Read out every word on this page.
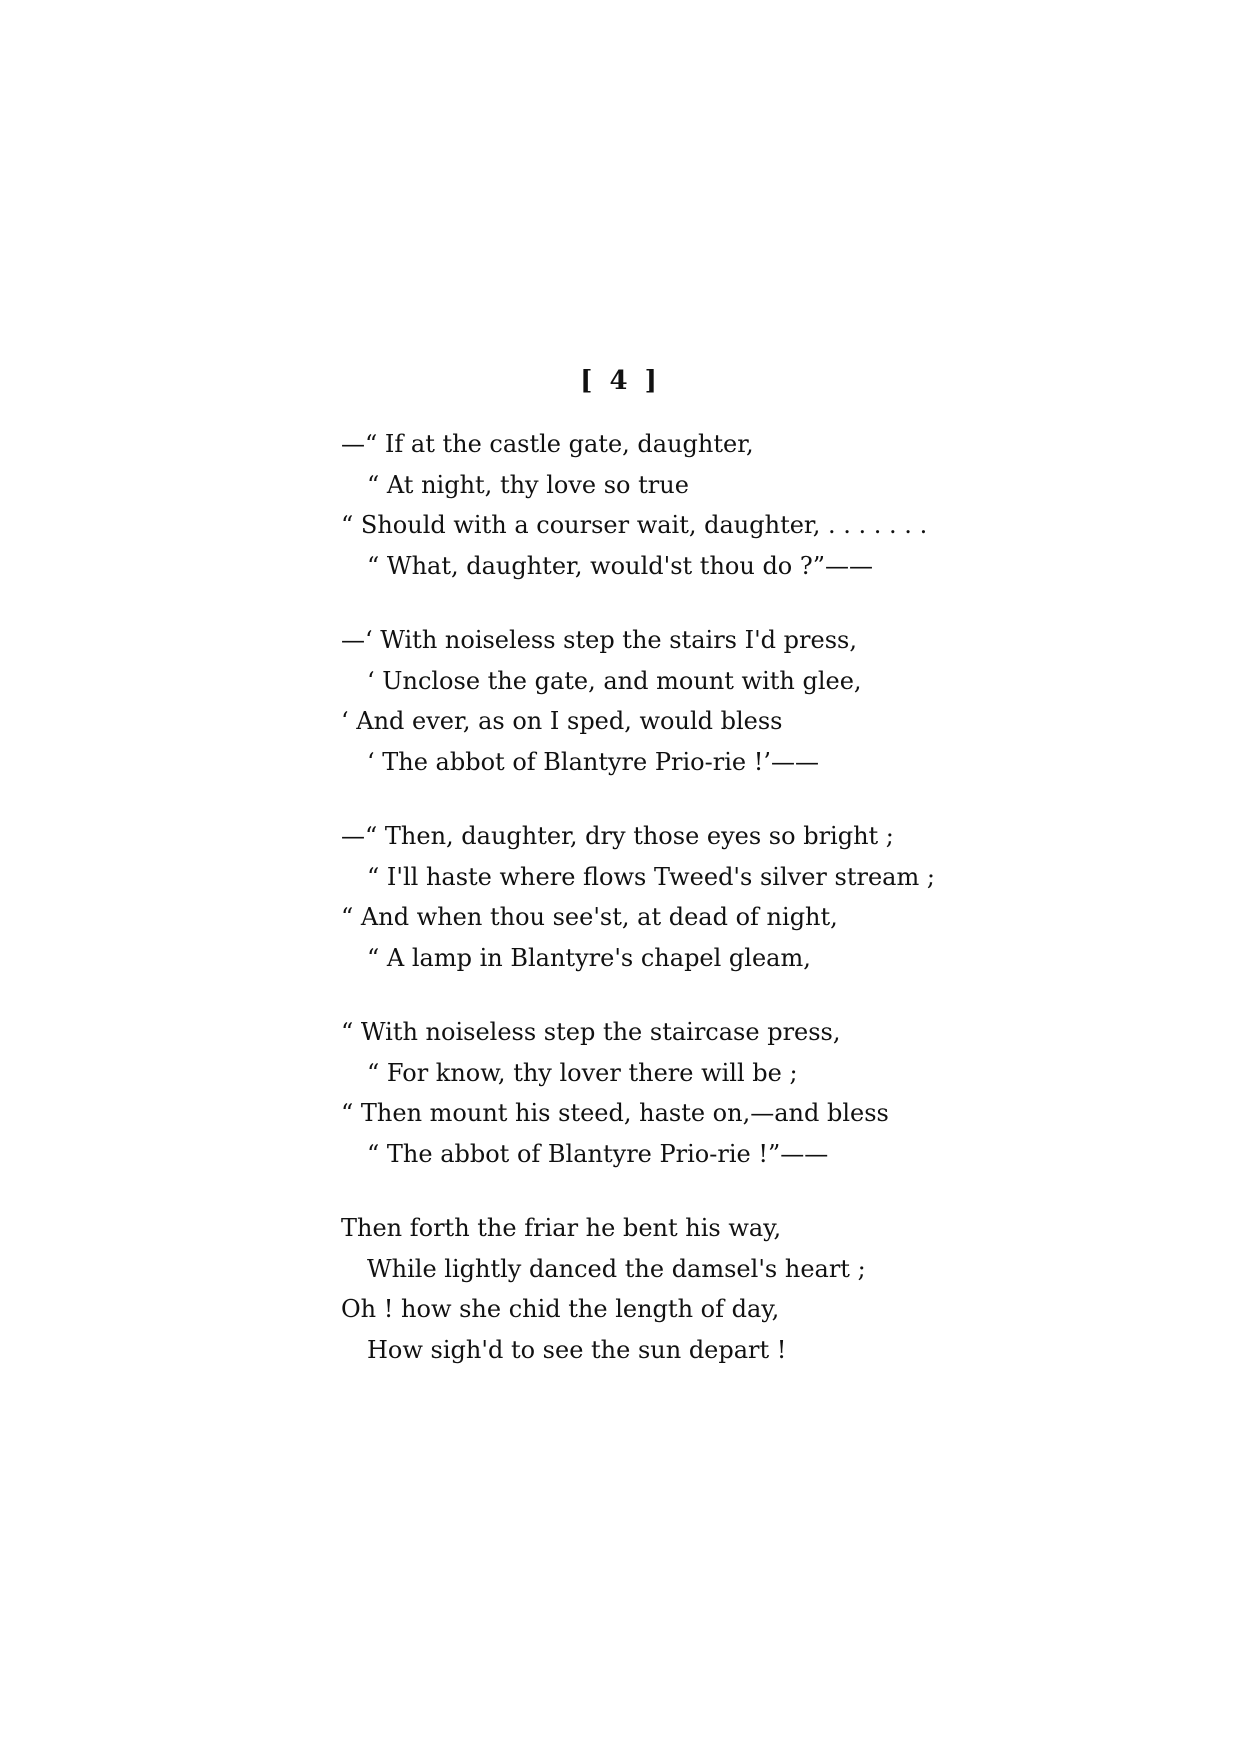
[ 4 ]
—“ If at the castle gate, daughter,
“ At night, thy love so true
“ Should with a courser wait, daughter, . . . . . . .
“ What, daughter, would'st thou do ?”——
—‘ With noiseless step the stairs I'd press,
‘ Unclose the gate, and mount with glee,
‘ And ever, as on I sped, would bless
‘ The abbot of Blantyre Prio-rie !’——
—“ Then, daughter, dry those eyes so bright ;
“ I'll haste where flows Tweed's silver stream ;
“ And when thou see'st, at dead of night,
“ A lamp in Blantyre's chapel gleam,
“ With noiseless step the staircase press,
“ For know, thy lover there will be ;
“ Then mount his steed, haste on,—and bless
“ The abbot of Blantyre Prio-rie !”——
Then forth the friar he bent his way,
While lightly danced the damsel's heart ;
Oh ! how she chid the length of day,
How sigh'd to see the sun depart !
